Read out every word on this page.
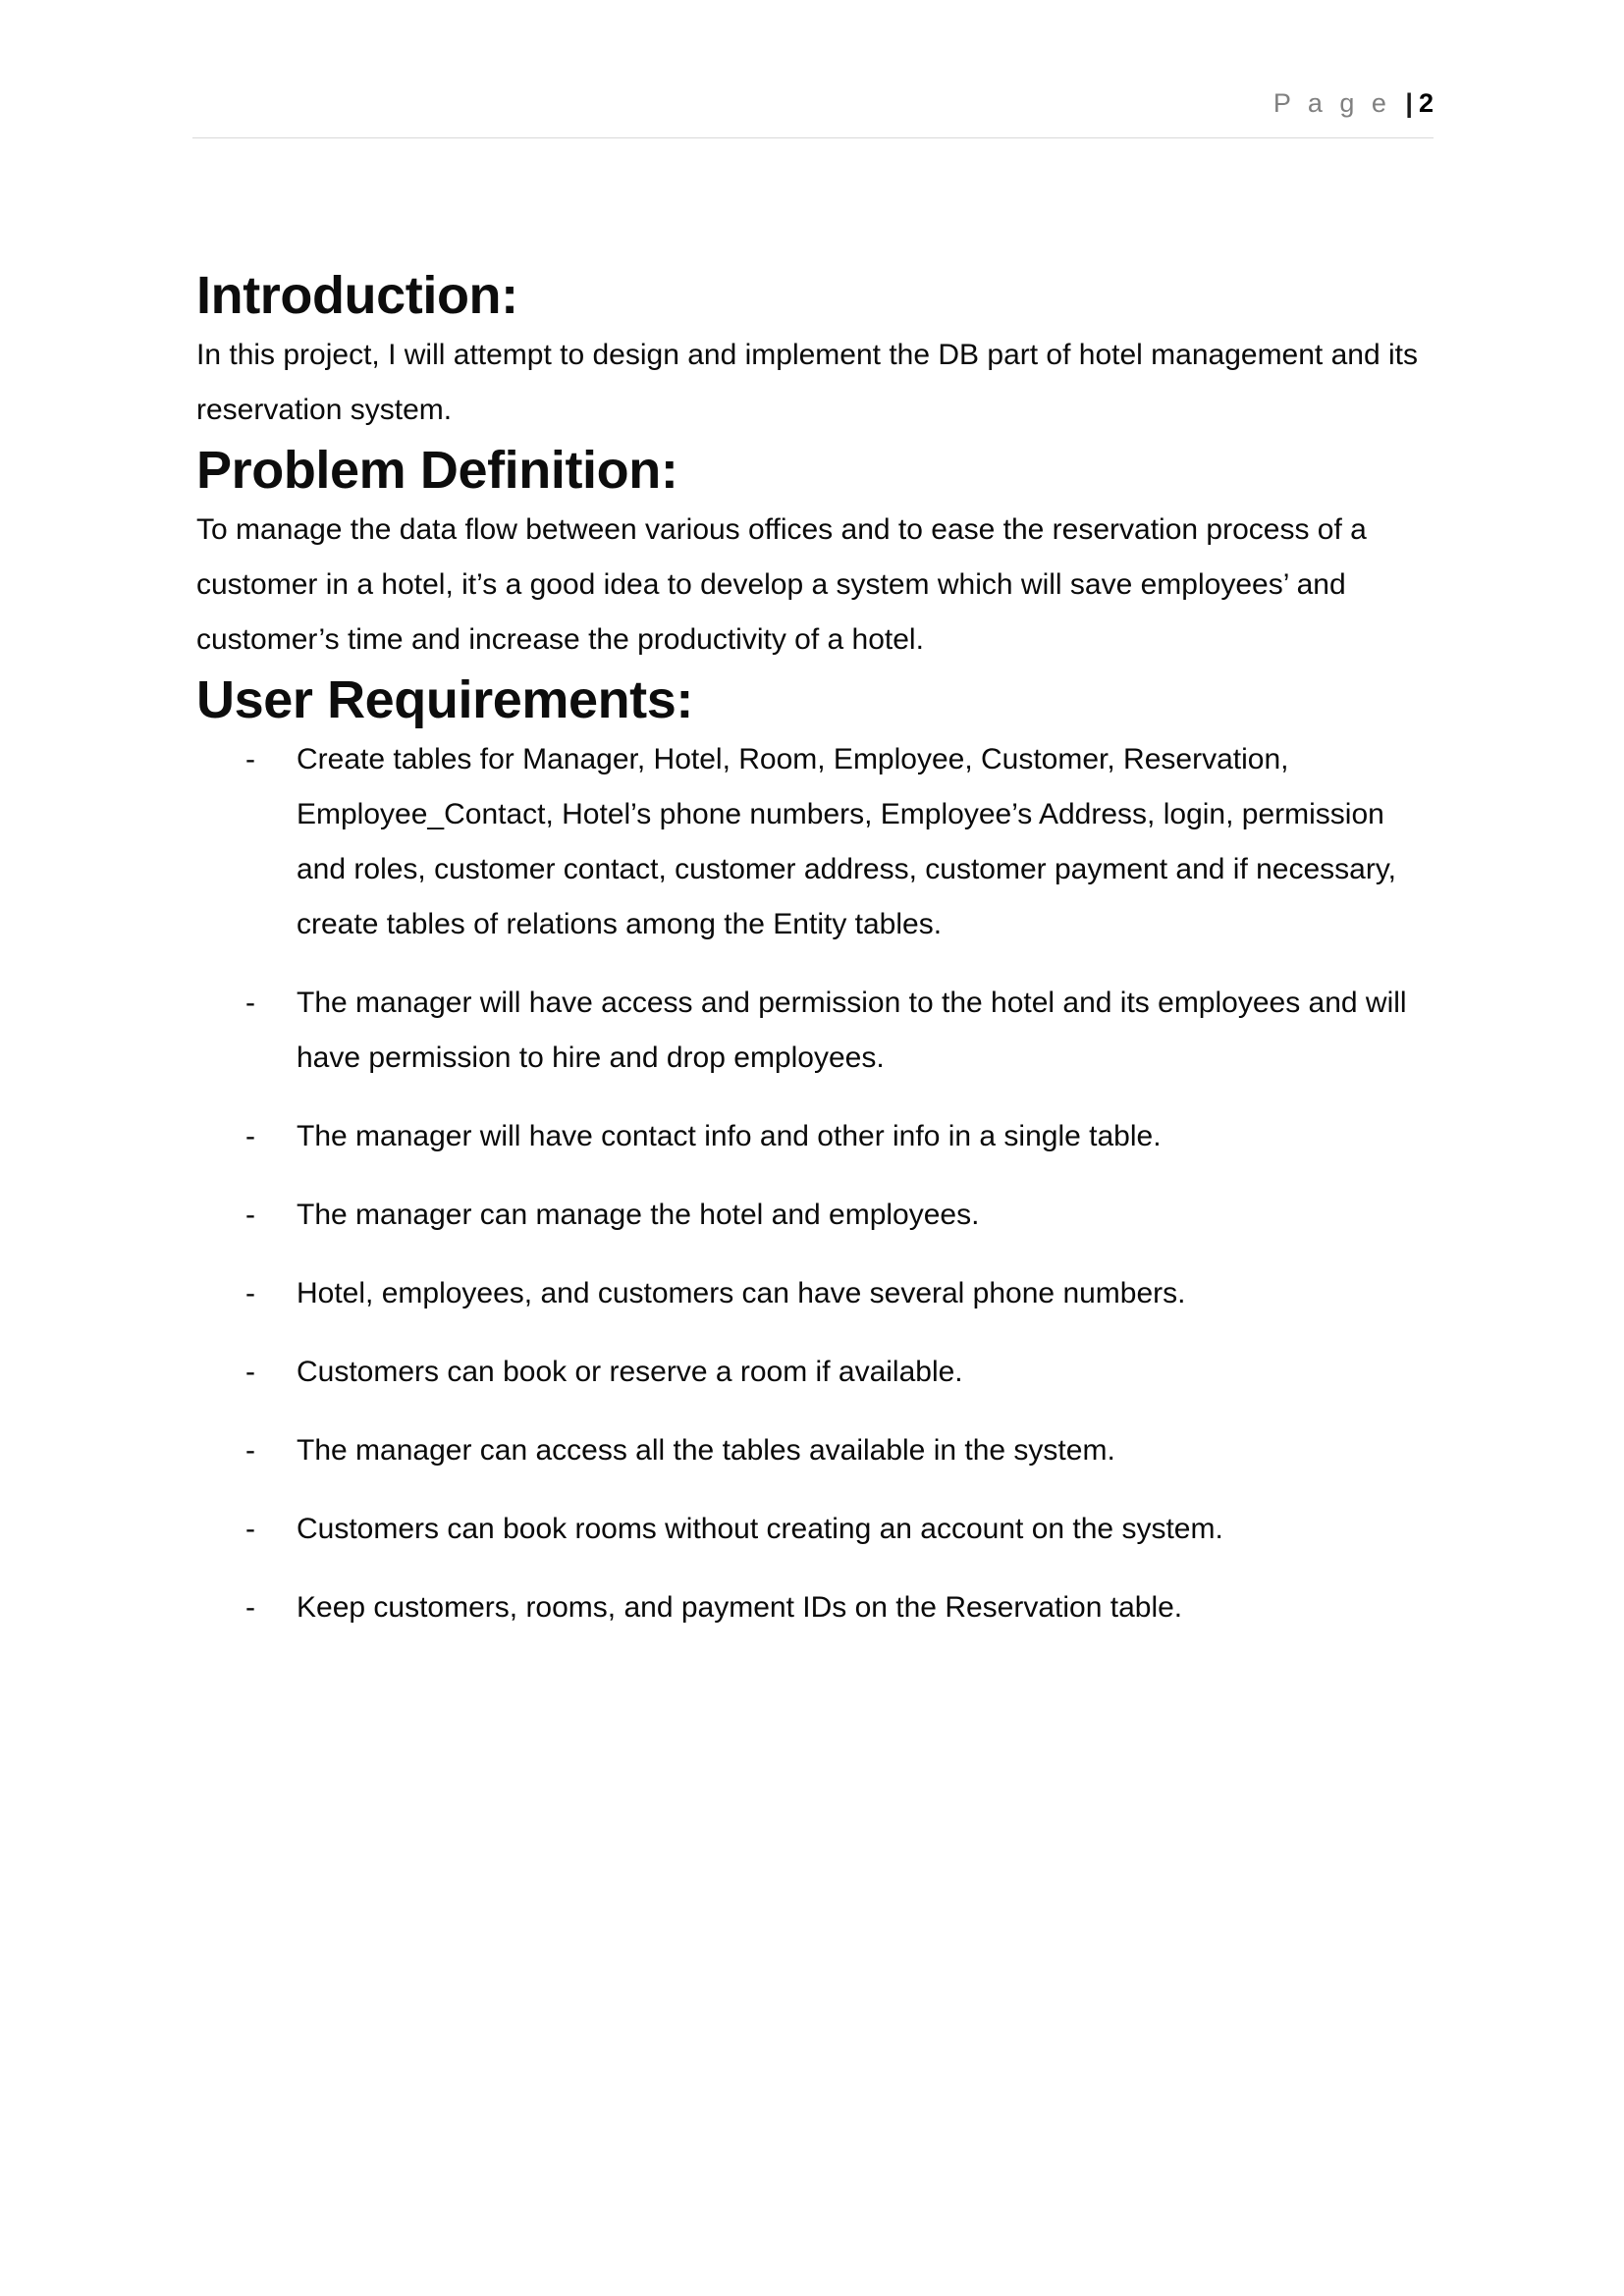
P a g e | 2
Introduction:

In this project, I will attempt to design and implement the DB part of hotel management and its reservation system.

Problem Definition:

To manage the data flow between various offices and to ease the reservation process of a customer in a hotel, it’s a good idea to develop a system which will save employees’ and customer’s time and increase the productivity of a hotel.

User Requirements:
- Create tables for Manager, Hotel, Room, Employee, Customer, Reservation, Employee_Contact, Hotel’s phone numbers, Employee’s Address, login, permission and roles, customer contact, customer address, customer payment and if necessary, create tables of relations among the Entity tables.
- The manager will have access and permission to the hotel and its employees and will have permission to hire and drop employees.
- The manager will have contact info and other info in a single table.
- The manager can manage the hotel and employees.
- Hotel, employees, and customers can have several phone numbers.
- Customers can book or reserve a room if available.
- The manager can access all the tables available in the system.
- Customers can book rooms without creating an account on the system.
- Keep customers, rooms, and payment IDs on the Reservation table.
